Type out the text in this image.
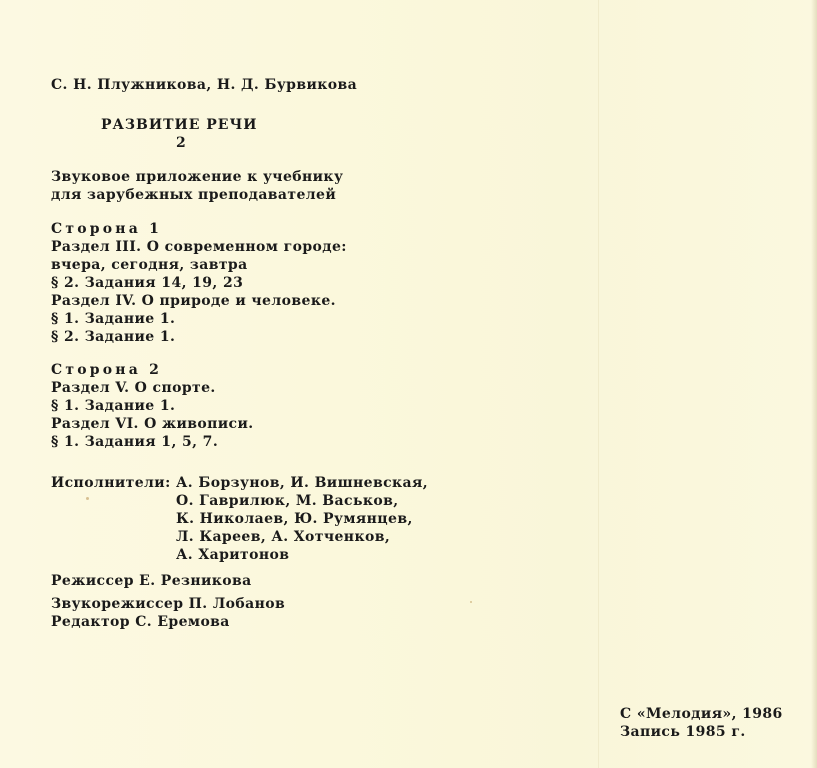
С. Н. Плужникова, Н. Д. Бурвикова
РАЗВИТИЕ РЕЧИ
2
Звуковое приложение к учебнику
для зарубежных преподавателей
Сторона 1
Раздел III. О современном городе:
вчера, сегодня, завтра
§ 2. Задания 14, 19, 23
Раздел IV. О природе и человеке.
§ 1. Задание 1.
§ 2. Задание 1.
Сторона 2
Раздел V. О спорте.
§ 1. Задание 1.
Раздел VI. О живописи.
§ 1. Задания 1, 5, 7.
Исполнители: А. Борзунов, И. Вишневская,
О. Гаврилюк, М. Васьков,
К. Николаев, Ю. Румянцев,
Л. Кареев, А. Хотченков,
А. Харитонов
Режиссер Е. Резникова
Звукорежиссер П. Лобанов
Редактор С. Еремова
С «Мелодия», 1986
Запись 1985 г.
